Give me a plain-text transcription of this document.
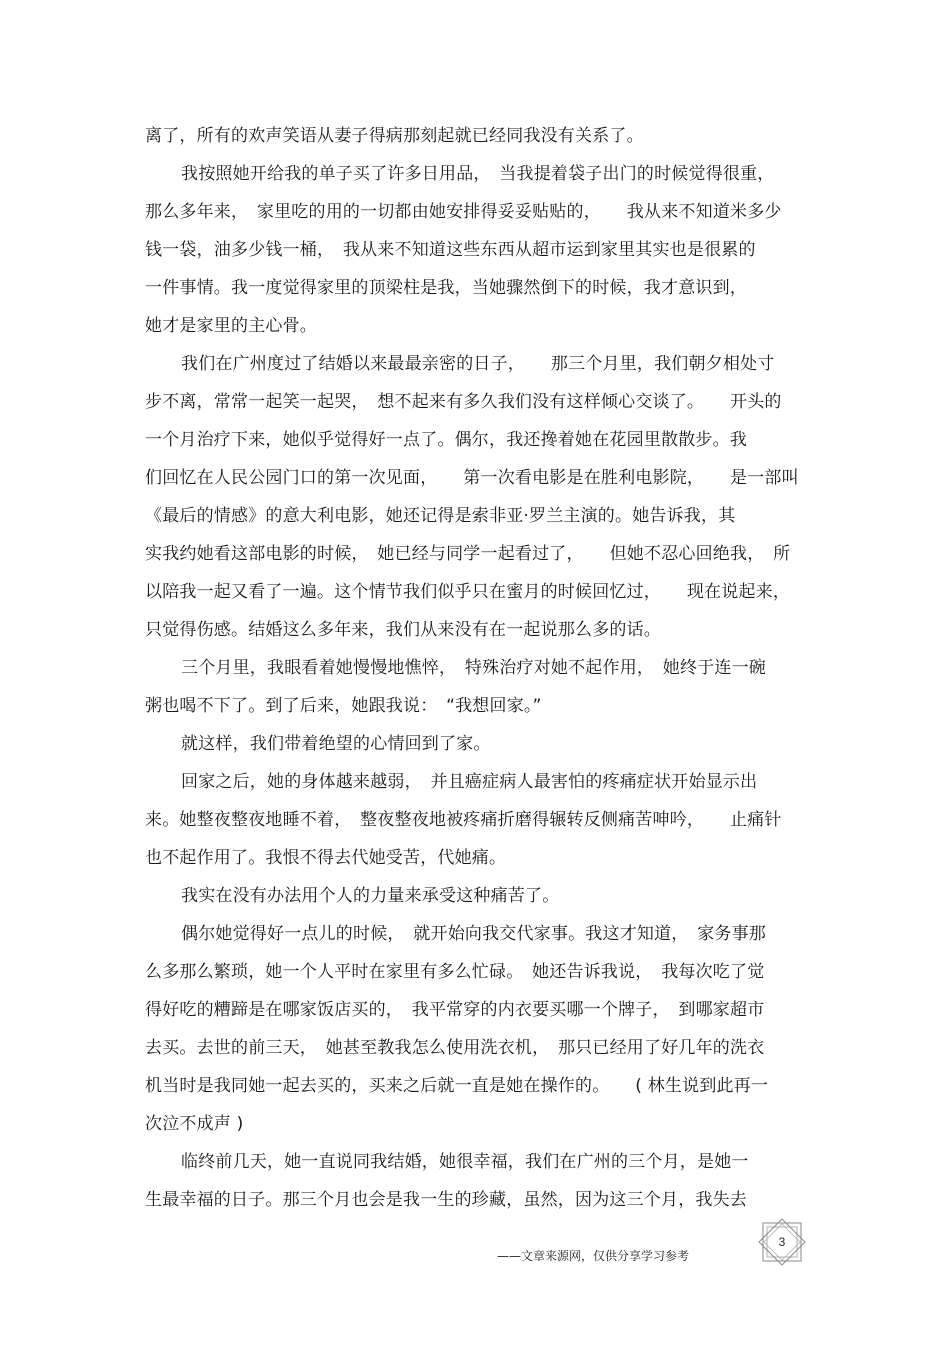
离了，所有的欢声笑语从妻子得病那刻起就已经同我没有关系了。
我按照她开给我的单子买了许多日用品，　当我提着袋子出门的时候觉得很重，
那么多年来，　家里吃的用的一切都由她安排得妥妥贴贴的，　　我从来不知道米多少
钱一袋，油多少钱一桶，　我从来不知道这些东西从超市运到家里其实也是很累的
一件事情。我一度觉得家里的顶梁柱是我，当她骤然倒下的时候，我才意识到，
她才是家里的主心骨。
我们在广州度过了结婚以来最最亲密的日子，　　那三个月里，我们朝夕相处寸
步不离，常常一起笑一起哭，　想不起来有多久我们没有这样倾心交谈了。　　开头的
一个月治疗下来，她似乎觉得好一点了。偶尔，我还搀着她在花园里散散步。我
们回忆在人民公园门口的第一次见面，　　第一次看电影是在胜利电影院，　　是一部叫
《最后的情感》的意大利电影，她还记得是索非亚·罗兰主演的。她告诉我，其
实我约她看这部电影的时候，　她已经与同学一起看过了，　　但她不忍心回绝我，　所
以陪我一起又看了一遍。这个情节我们似乎只在蜜月的时候回忆过，　　现在说起来，
只觉得伤感。结婚这么多年来，我们从来没有在一起说那么多的话。
三个月里，我眼看着她慢慢地憔悴，　特殊治疗对她不起作用，　她终于连一碗
粥也喝不下了。到了后来，她跟我说：　“我想回家。”
就这样，我们带着绝望的心情回到了家。
回家之后，她的身体越来越弱，　并且癌症病人最害怕的疼痛症状开始显示出
来。她整夜整夜地睡不着，　整夜整夜地被疼痛折磨得辗转反侧痛苦呻吟，　　止痛针
也不起作用了。我恨不得去代她受苦，代她痛。
我实在没有办法用个人的力量来承受这种痛苦了。
偶尔她觉得好一点儿的时候，　就开始向我交代家事。我这才知道，　家务事那
么多那么繁琐，她一个人平时在家里有多么忙碌。　她还告诉我说，　我每次吃了觉
得好吃的糟蹄是在哪家饭店买的，　我平常穿的内衣要买哪一个牌子，　到哪家超市
去买。去世的前三天，　她甚至教我怎么使用洗衣机，　那只已经用了好几年的洗衣
机当时是我同她一起去买的，买来之后就一直是她在操作的。　　( 林生说到此再一
次泣不成声 )
临终前几天，她一直说同我结婚，她很幸福，我们在广州的三个月，是她一
生最幸福的日子。那三个月也会是我一生的珍藏，虽然，因为这三个月，我失去
3
——文章来源网，仅供分享学习参考
